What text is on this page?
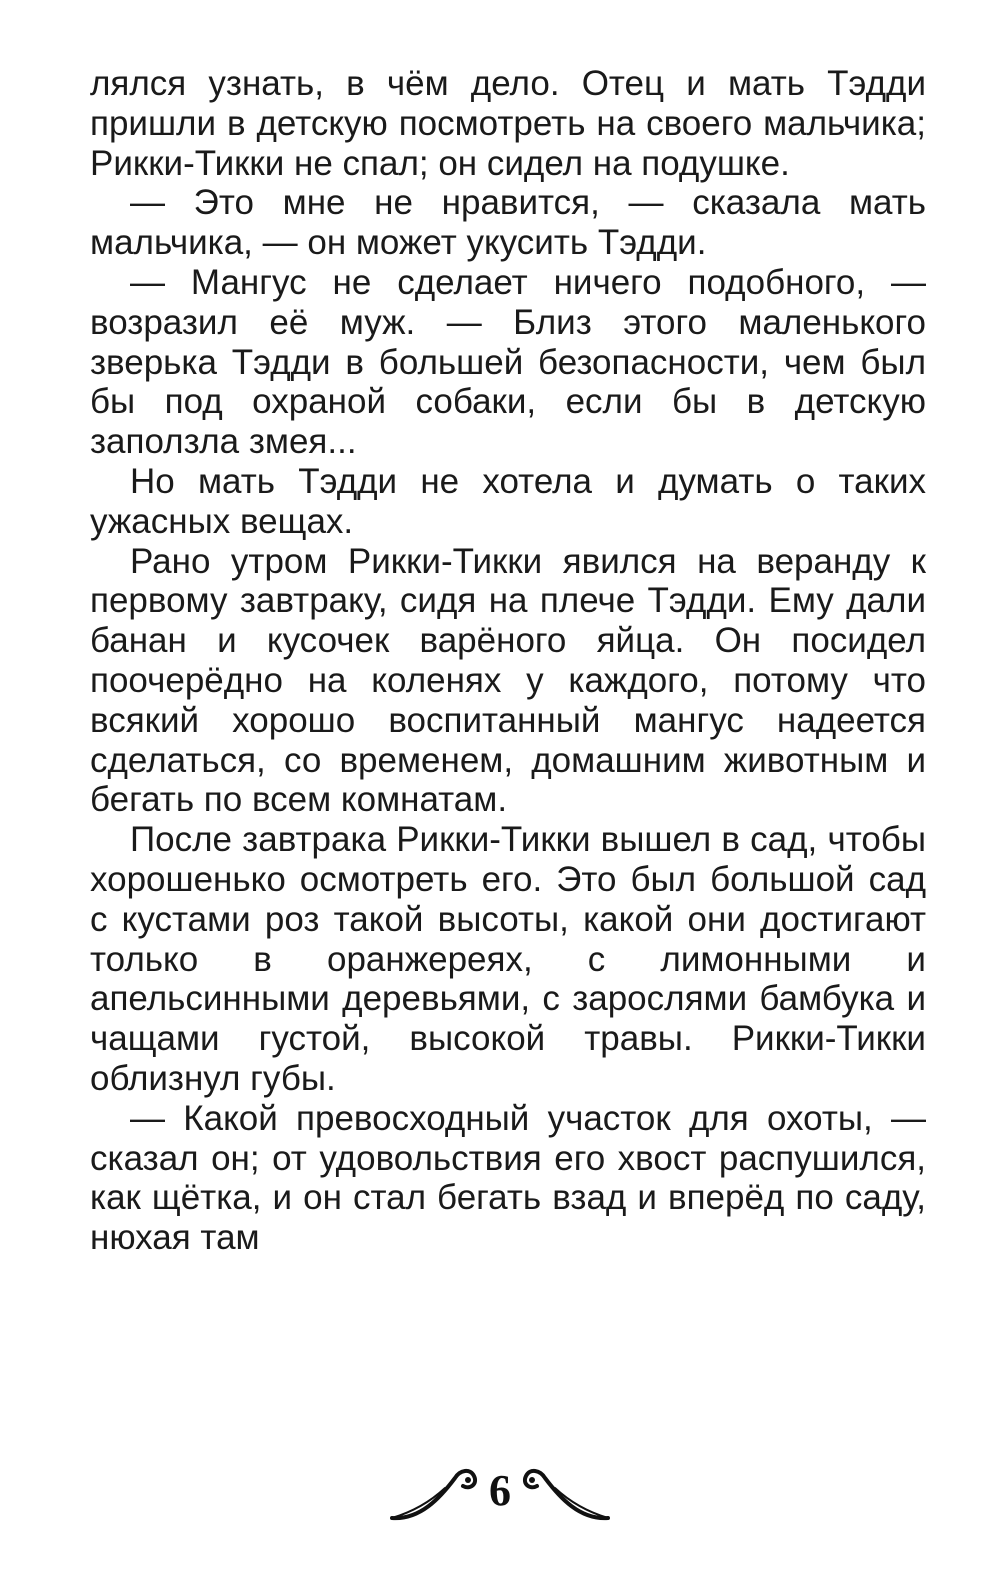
лялся узнать, в чём дело. Отец и мать Тэдди пришли в детскую посмотреть на своего мальчика; Рикки-Тикки не спал; он сидел на подушке.

— Это мне не нравится, — сказала мать мальчика, — он может укусить Тэдди.

— Мангус не сделает ничего подобного, — возразил её муж. — Близ этого маленького зверька Тэдди в большей безопасности, чем был бы под охраной собаки, если бы в детскую заползла змея...

Но мать Тэдди не хотела и думать о таких ужасных вещах.

Рано утром Рикки-Тикки явился на веранду к первому завтраку, сидя на плече Тэдди. Ему дали банан и кусочек варёного яйца. Он посидел поочерёдно на коленях у каждого, потому что всякий хорошо воспитанный мангус надеется сделаться, со временем, домашним животным и бегать по всем комнатам.

После завтрака Рикки-Тикки вышел в сад, чтобы хорошенько осмотреть его. Это был большой сад с кустами роз такой высоты, какой они достигают только в оранжереях, с лимонными и апельсинными деревьями, с зарослями бамбука и чащами густой, высокой травы. Рикки-Тикки облизнул губы.

— Какой превосходный участок для охоты, — сказал он; от удовольствия его хвост распушился, как щётка, и он стал бегать взад и вперёд по саду, нюхая там

6
